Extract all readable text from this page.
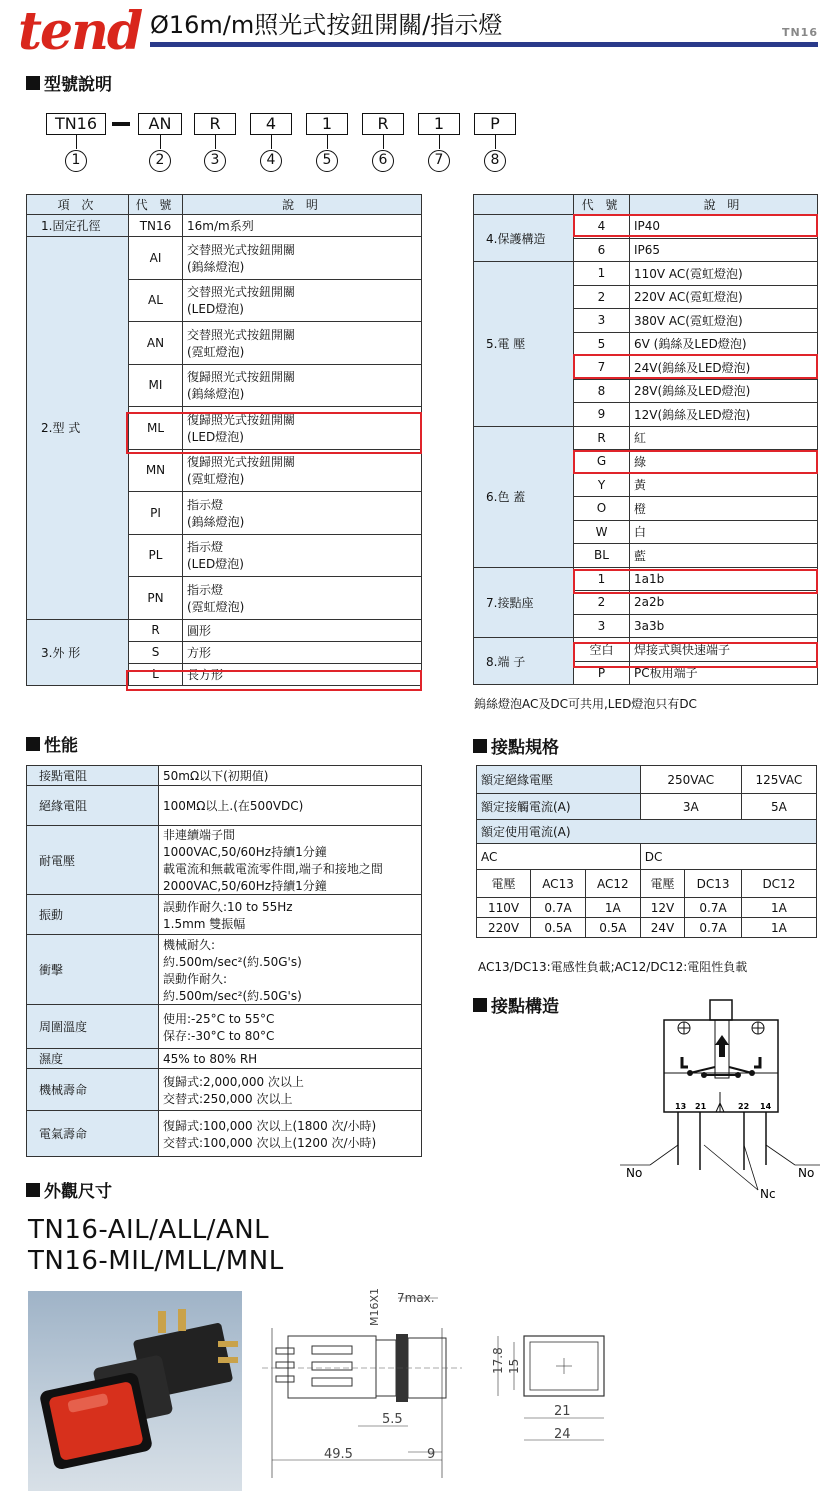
tend Ø16m/m照光式按鈕開關/指示燈	TN16
型號說明
TN16
1
AN
2
R
3
4
4
1
5
R
6
1
7
P
8
項 次	代 號	說 明
1.固定孔徑	TN16	16m/m系列

2.型 式	AI	交替照光式按鈕開關
(鎢絲燈泡)

	AL	交替照光式按鈕開關
(LED燈泡)

	AN	交替照光式按鈕開關
(霓虹燈泡)

	MI	復歸照光式按鈕開關
(鎢絲燈泡)

	ML	復歸照光式按鈕開關
(LED燈泡)

	MN	復歸照光式按鈕開關
(霓虹燈泡)

	PI	指示燈
(鎢絲燈泡)

	PL	指示燈
(LED燈泡)

	PN	指示燈
(霓虹燈泡)

3.外 形	R	圓形

	S	方形

	L	長方形
	代 號	說 明
4.保護構造	4	IP40
	6	IP65
5.電 壓	1	110V AC(霓虹燈泡)
	2	220V AC(霓虹燈泡)
	3	380V AC(霓虹燈泡)
	5	6V (鎢絲及LED燈泡)
	7	24V(鎢絲及LED燈泡)
	8	28V(鎢絲及LED燈泡)
	9	12V(鎢絲及LED燈泡)
6.色 蓋	R	紅
	G	綠
	Y	黃
	O	橙
	W	白
	BL	藍
7.接點座	1	1a1b
	2	2a2b
	3	3a3b
8.端 子	空白	焊接式與快速端子
	P	PC板用端子
鎢絲燈泡AC及DC可共用,LED燈泡只有DC
性能
接點電阻	50mΩ以下(初期值)

絕緣電阻	100MΩ以上.(在500VDC)

耐電壓	非連續端子間
1000VAC,50/60Hz持續1分鐘
載電流和無載電流零件間,端子和接地之間
2000VAC,50/60Hz持續1分鐘

振動	誤動作耐久:10 to 55Hz
1.5mm 雙振幅

衝擊	機械耐久:
約.500m/sec²(約.50G's)
誤動作耐久:
約.500m/sec²(約.50G's)

周圍溫度	使用:-25°C to 55°C
保存:-30°C to 80°C

濕度	45% to 80% RH

機械壽命	復歸式:2,000,000 次以上
交替式:250,000 次以上

電氣壽命	復歸式:100,000 次以上(1800 次/小時)
交替式:100,000 次以上(1200 次/小時)
接點規格
額定絕緣電壓			250VAC		125VAC
額定接觸電流(A)			3A		5A
額定使用電流(A)					
AC			DC		
電壓	AC13	AC12	電壓	DC13	DC12
110V	0.7A	1A	12V	0.7A	1A
220V	0.5A	0.5A	24V	0.7A	1A
AC13/DC13:電感性負載;AC12/DC12:電阻性負載
接點構造
13 21	22 14
No	No
Nc
外觀尺寸
TN16-AIL/ALL/ANL
TN16-MIL/MLL/MNL
M16X1 7max.
5.5
49.5	9
17.8 15
21
24
